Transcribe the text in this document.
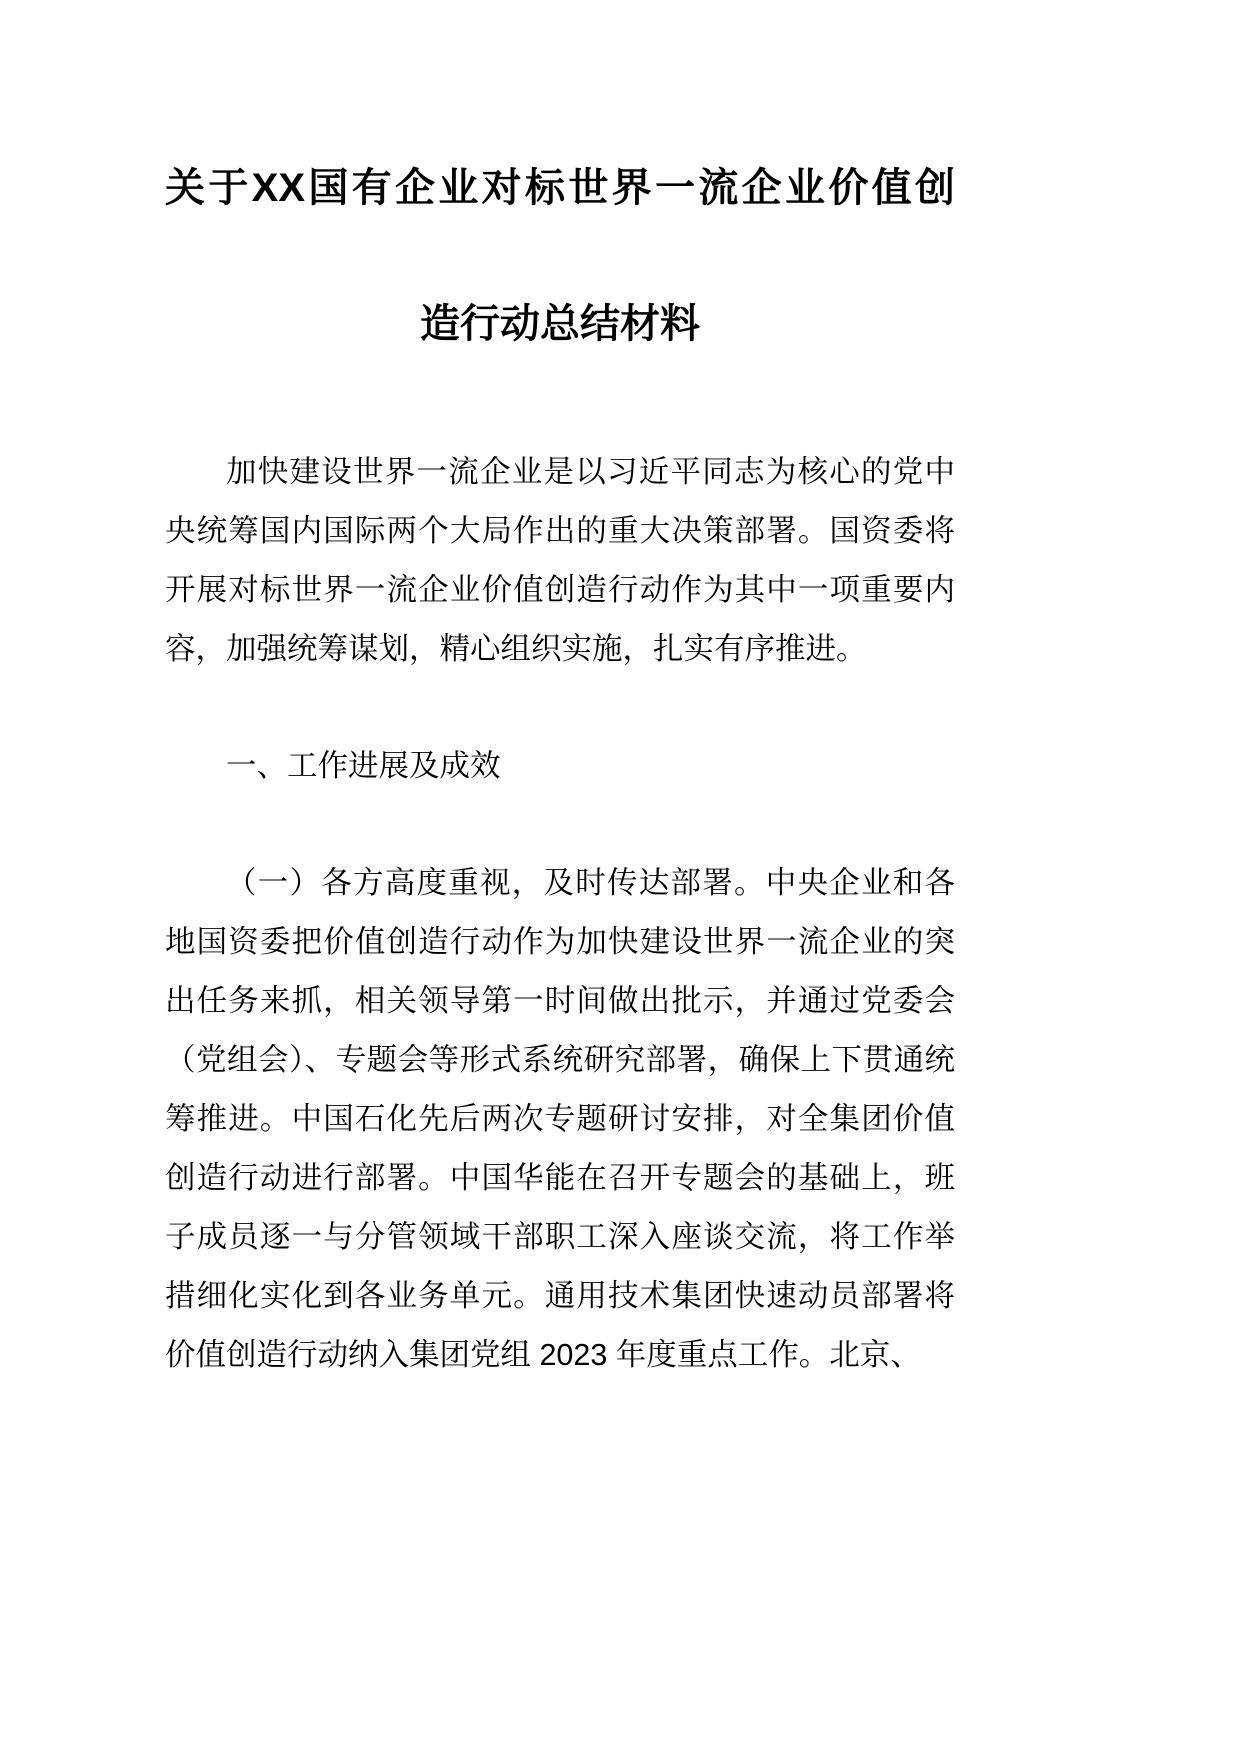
关于XX国有企业对标世界一流企业价值创
造行动总结材料

加快建设世界一流企业是以习近平同志为核心的党中央统筹国内国际两个大局作出的重大决策部署。国资委将开展对标世界一流企业价值创造行动作为其中一项重要内容，加强统筹谋划，精心组织实施，扎实有序推进。

一、工作进展及成效

（一）各方高度重视，及时传达部署。中央企业和各地国资委把价值创造行动作为加快建设世界一流企业的突出任务来抓，相关领导第一时间做出批示，并通过党委会（党组会）、专题会等形式系统研究部署，确保上下贯通统筹推进。中国石化先后两次专题研讨安排，对全集团价值创造行动进行部署。中国华能在召开专题会的基础上，班子成员逐一与分管领域干部职工深入座谈交流，将工作举措细化实化到各业务单元。通用技术集团快速动员部署将价值创造行动纳入集团党组 2023 年度重点工作。北京、
